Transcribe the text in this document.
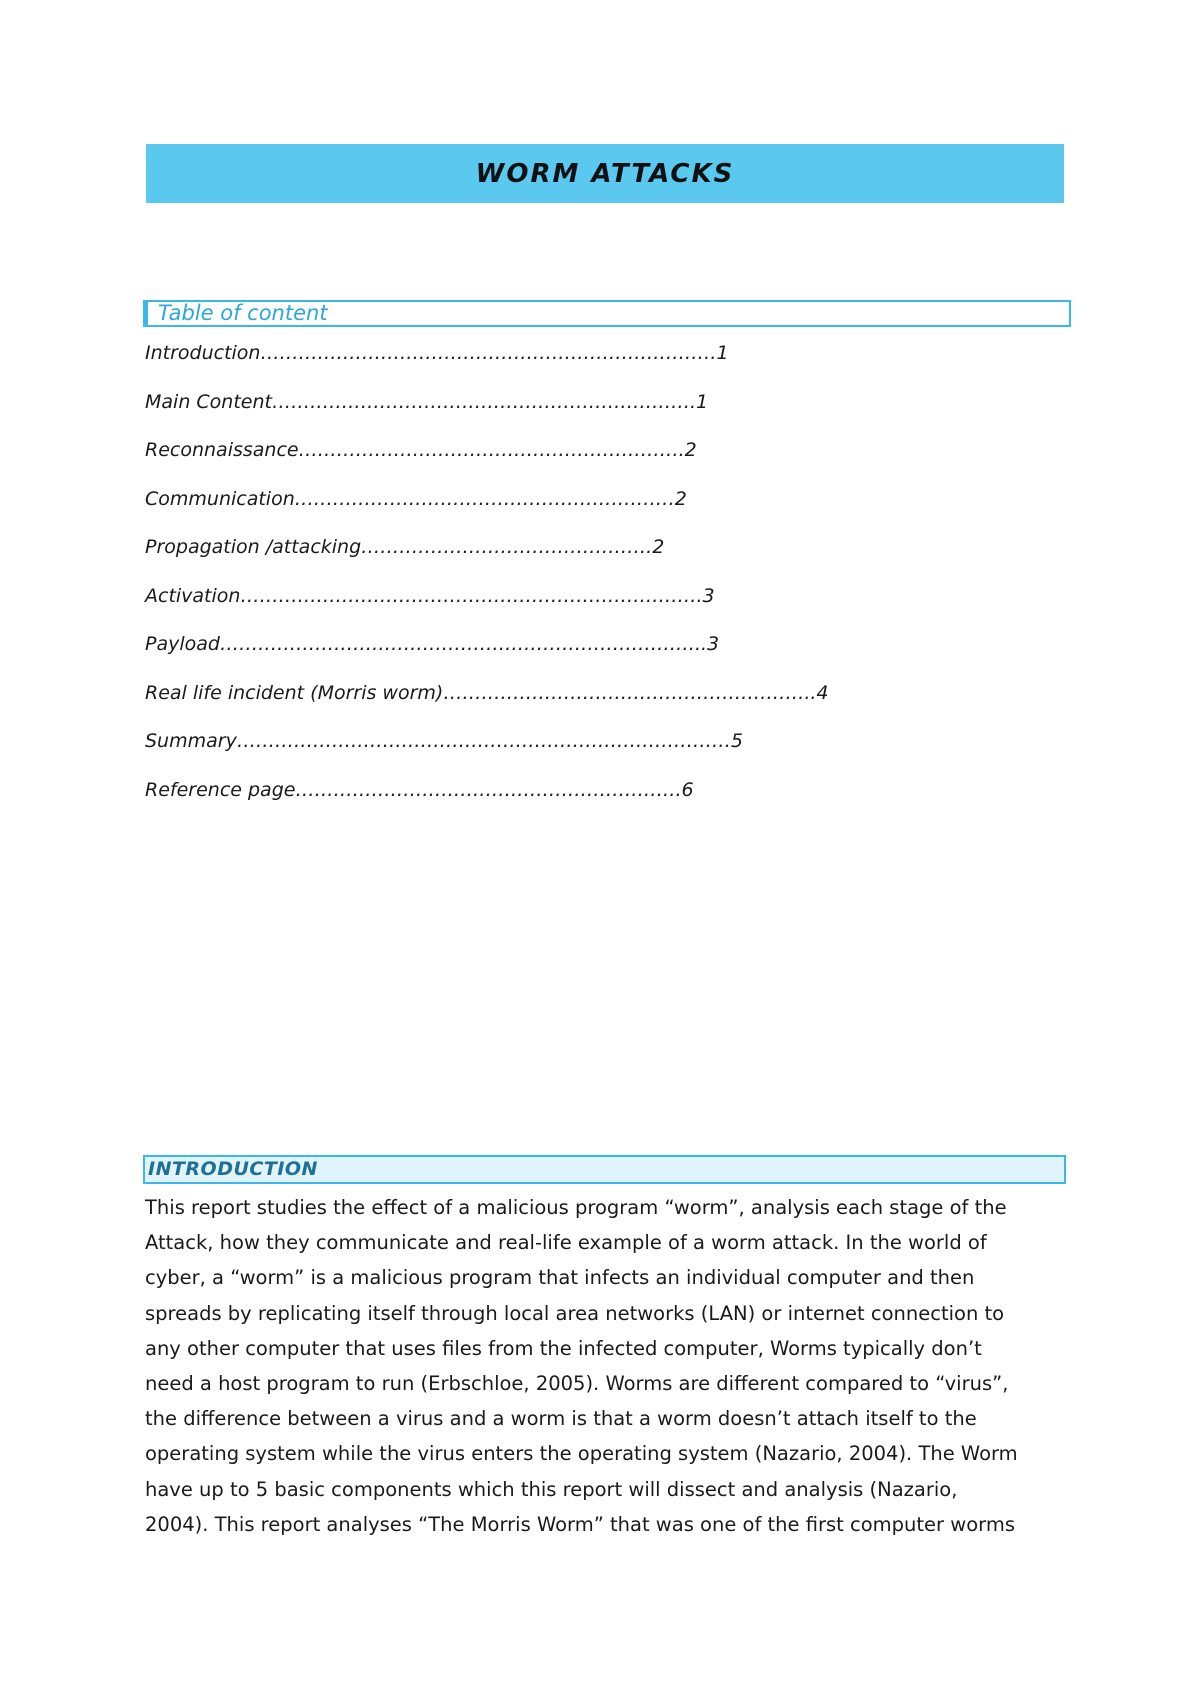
WORM ATTACKS
Table of content
Introduction………………………………………………………………1
Main Content………………………………………………………….1
Reconnaissance…………………………………………………….2
Communication……………………………………………………2
Propagation /attacking……………………………………….2
Activation……………………………………………………………….3
Payload…………………………………………………………………..3
Real life incident (Morris worm)…………………………………………………..4
Summary……………………………………………………………………5
Reference page…………………………………………………….6
INTRODUCTION

This report studies the effect of a malicious program “worm”, analysis each stage of the
Attack, how they communicate and real-life example of a worm attack. In the world of
cyber, a “worm” is a malicious program that infects an individual computer and then
spreads by replicating itself through local area networks (LAN) or internet connection to
any other computer that uses files from the infected computer, Worms typically don’t
need a host program to run (Erbschloe, 2005). Worms are different compared to “virus”,
the difference between a virus and a worm is that a worm doesn’t attach itself to the
operating system while the virus enters the operating system (Nazario, 2004). The Worm
have up to 5 basic components which this report will dissect and analysis (Nazario,
2004). This report analyses “The Morris Worm” that was one of the first computer worms
